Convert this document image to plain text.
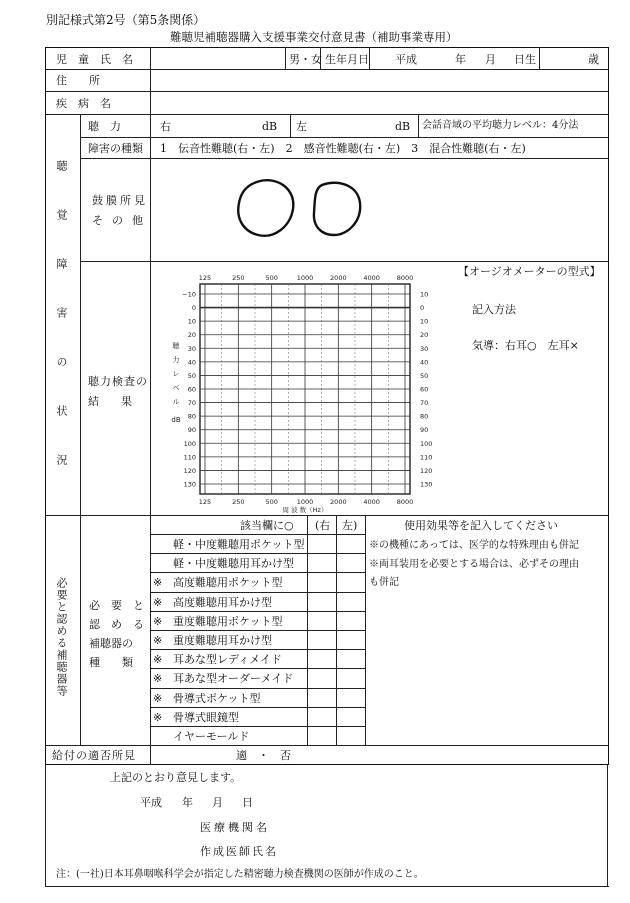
別記様式第2号（第5条関係）
難聴児補聴器購入支援事業交付意見書（補助事業専用）
児　童　氏　名	男・女 生年月日 平成	年 月 日生	歳
住　　所
疾　病　名
聴覚障害の状況
聴　力	右	dB 左	dB 会話音域の平均聴力レベル：4分法
障害の種類 1　伝音性難聴(右・左)　2　感音性難聴(右・左)　3　混合性難聴(右・左)
鼓膜所見
その他
聴力検査の
結　　果
【オージオメーターの型式】
記入方法
気導：右耳○　左耳×
125	250	500	1000	2000	4000	8000
125	250	500	1000	2000	4000	8000
−10	10
0	0
10	10
20	20
30	30
40	40
50	50
60	60
70	70
80	80
90	90
100	100
110	110
120	120
130	130
聴
力
レ
ベ
ル
dB
周 波 数（Hz）
必要と認める補聴器等 必　要　と
認　め　る
補聴器の
種　　類
該当欄に○ (右 左)	使用効果等を記入してください
軽・中度難聴用ポケット型
軽・中度難聴用耳かけ型
※ 高度難聴用ポケット型
※ 高度難聴用耳かけ型
※ 重度難聴用ポケット型
※ 重度難聴用耳かけ型
※ 耳あな型レディメイド
※ 耳あな型オーダーメイド
※ 骨導式ポケット型
※ 骨導式眼鏡型
イヤーモールド
※の機種にあっては、医学的な特殊理由も併記
※両耳装用を必要とする場合は、必ずその理由
も併記
給付の適否所見	適　・　否
上記のとおり意見します。
平成 年 月 日
医療機関名
作成医師氏名
注：(一社)日本耳鼻咽喉科学会が指定した精密聴力検査機関の医師が作成のこと。
